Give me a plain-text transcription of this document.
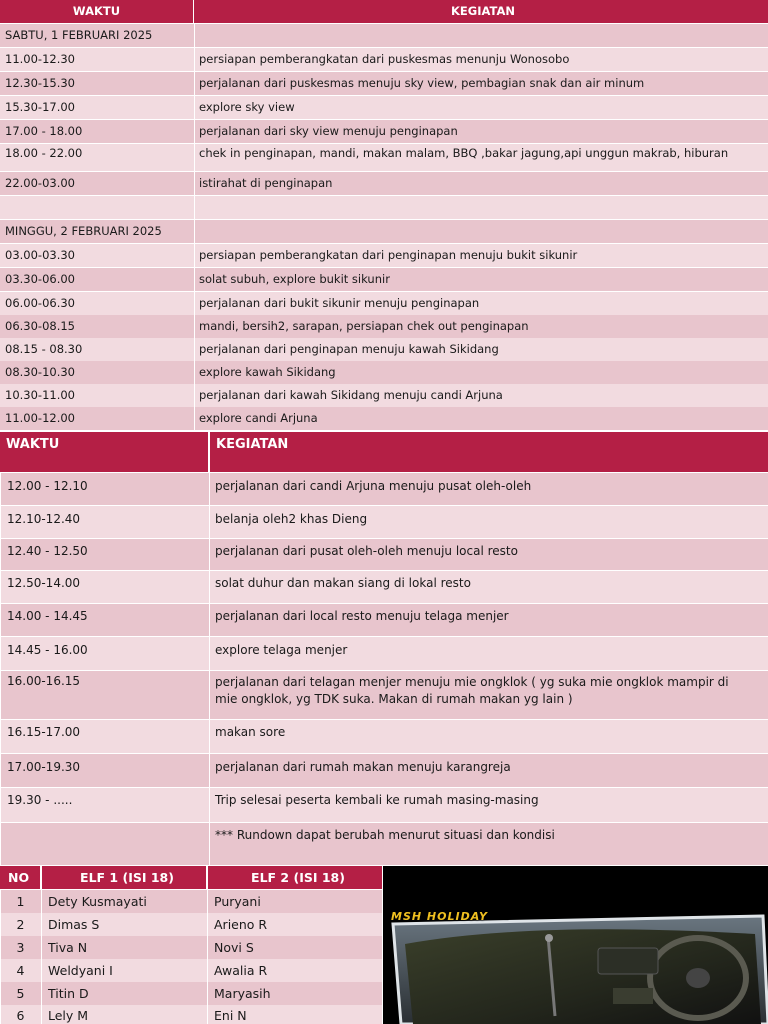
WAKTU	KEGIATAN
SABTU, 1 FEBRUARI 2025
11.00-12.30	persiapan pemberangkatan dari puskesmas menunju Wonosobo
12.30-15.30	perjalanan dari puskesmas menuju sky view, pembagian snak dan air minum
15.30-17.00	explore sky view
17.00 - 18.00	perjalanan dari sky view menuju penginapan
18.00 - 22.00	chek in penginapan, mandi, makan malam, BBQ ,bakar jagung,api unggun makrab, hiburan
22.00-03.00	istirahat di penginapan
MINGGU, 2 FEBRUARI 2025
03.00-03.30	persiapan pemberangkatan dari penginapan menuju bukit sikunir
03.30-06.00	solat subuh, explore bukit sikunir
06.00-06.30	perjalanan dari bukit sikunir menuju penginapan
06.30-08.15	mandi, bersih2, sarapan, persiapan chek out penginapan
08.15 - 08.30	perjalanan dari penginapan menuju kawah Sikidang
08.30-10.30	explore kawah Sikidang
10.30-11.00	perjalanan dari kawah Sikidang menuju candi Arjuna
11.00-12.00	explore candi Arjuna
WAKTU	KEGIATAN
12.00 - 12.10	perjalanan dari candi Arjuna menuju pusat oleh-oleh
12.10-12.40	belanja oleh2 khas Dieng
12.40 - 12.50	perjalanan dari pusat oleh-oleh menuju local resto
12.50-14.00	solat duhur dan makan siang di lokal resto
14.00 - 14.45	perjalanan dari local resto menuju telaga menjer
14.45 - 16.00	explore telaga menjer
16.00-16.15	perjalanan dari telagan menjer menuju mie ongklok ( yg suka mie ongklok mampir di mie ongklok, yg TDK suka. Makan di rumah makan yg lain )
16.15-17.00	makan sore
17.00-19.30	perjalanan dari rumah makan menuju karangreja
19.30 - .....	Trip selesai peserta kembali ke rumah masing-masing
*** Rundown dapat berubah menurut situasi dan kondisi
NO	ELF 1 (ISI 18)	ELF 2 (ISI 18)
1	Dety Kusmayati	Puryani
2	Dimas S	Arieno R
3	Tiva N	Novi S
4	Weldyani I	Awalia R
5	Titin D	Maryasih
6	Lely M	Eni N
MSH HOLIDAY
